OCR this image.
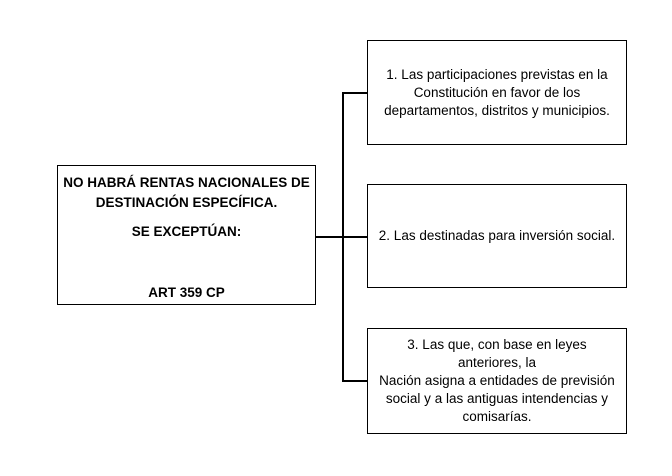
NO HABRÁ RENTAS NACIONALES DE
DESTINACIÓN ESPECÍFICA.
SE EXCEPTÚAN:
ART 359 CP
1. Las participaciones previstas en la
Constitución en favor de los
departamentos, distritos y municipios.
2. Las destinadas para inversión social.
3. Las que, con base en leyes anteriores, la
Nación asigna a entidades de previsión
social y a las antiguas intendencias y
comisarías.
